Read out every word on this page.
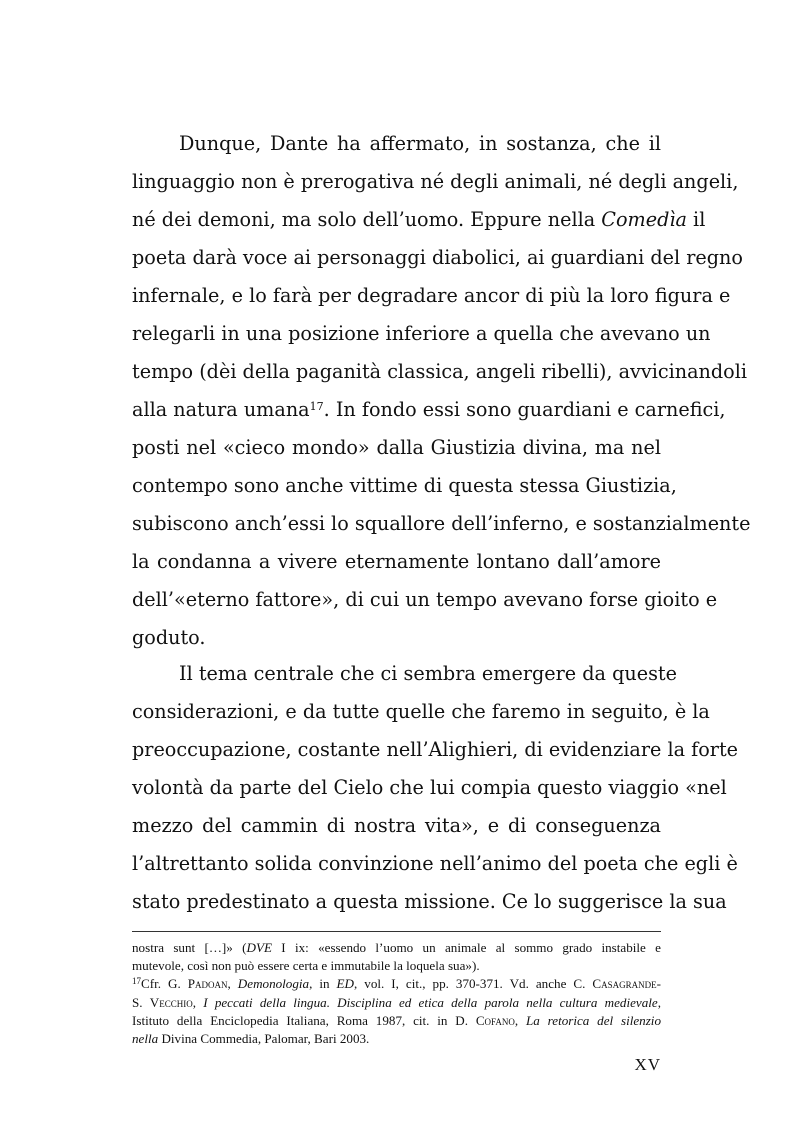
Dunque, Dante ha affermato, in sostanza, che il
linguaggio non è prerogativa né degli animali, né degli angeli,
né dei demoni, ma solo dell’uomo. Eppure nella Comedìa il
poeta darà voce ai personaggi diabolici, ai guardiani del regno
infernale, e lo farà per degradare ancor di più la loro figura e
relegarli in una posizione inferiore a quella che avevano un
tempo (dèi della paganità classica, angeli ribelli), avvicinandoli
alla natura umana$^{17}$. In fondo essi sono guardiani e carnefici,
posti nel «cieco mondo» dalla Giustizia divina, ma nel
contempo sono anche vittime di questa stessa Giustizia,
subiscono anch’essi lo squallore dell’inferno, e sostanzialmente
la condanna a vivere eternamente lontano dall’amore
dell’«eterno fattore», di cui un tempo avevano forse gioito e
goduto.
Il tema centrale che ci sembra emergere da queste
considerazioni, e da tutte quelle che faremo in seguito, è la
preoccupazione, costante nell’Alighieri, di evidenziare la forte
volontà da parte del Cielo che lui compia questo viaggio «nel
mezzo del cammin di nostra vita», e di conseguenza
l’altrettanto solida convinzione nell’animo del poeta che egli è
stato predestinato a questa missione. Ce lo suggerisce la sua
nostra sunt […]» (DVE I ix: «essendo l’uomo un animale al sommo grado instabile e
mutevole, così non può essere certa e immutabile la loquela sua»).
$^{17}$Cfr. G. Padoan, Demonologia, in ED, vol. I, cit., pp. 370-371. Vd. anche C. Casagrande-
S. Vecchio, I peccati della lingua. Disciplina ed etica della parola nella cultura medievale,
Istituto della Enciclopedia Italiana, Roma 1987, cit. in D. Cofano, La retorica del silenzio
nella Divina Commedia, Palomar, Bari 2003.
XV
